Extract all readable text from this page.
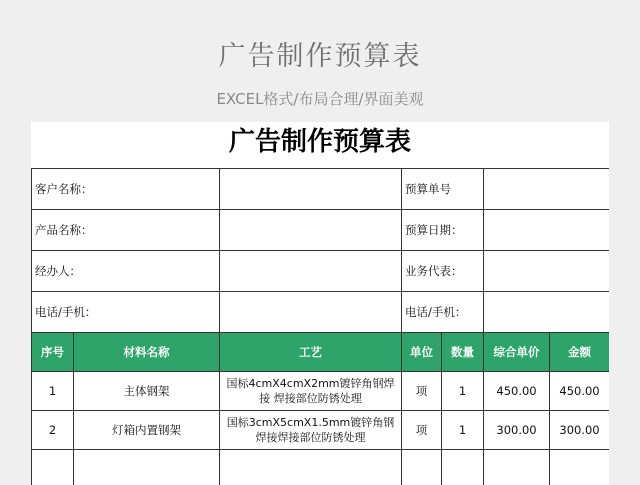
广告制作预算表
EXCEL格式/布局合理/界面美观
广告制作预算表
客户名称：			预算单号			
产品名称：			预算日期：			
经办人：			业务代表：			
电话/手机：			电话/手机：			
序号	材料名称	工艺	单位	数量	综合单价	金额
1	主体钢架	国标4cmX4cmX2mm镀锌角钢焊接 焊接部位防锈处理	项	1	450.00	450.00
2	灯箱内置钢架	国标3cmX5cmX1.5mm镀锌角钢焊接焊接部位防锈处理	项	1	300.00	300.00
